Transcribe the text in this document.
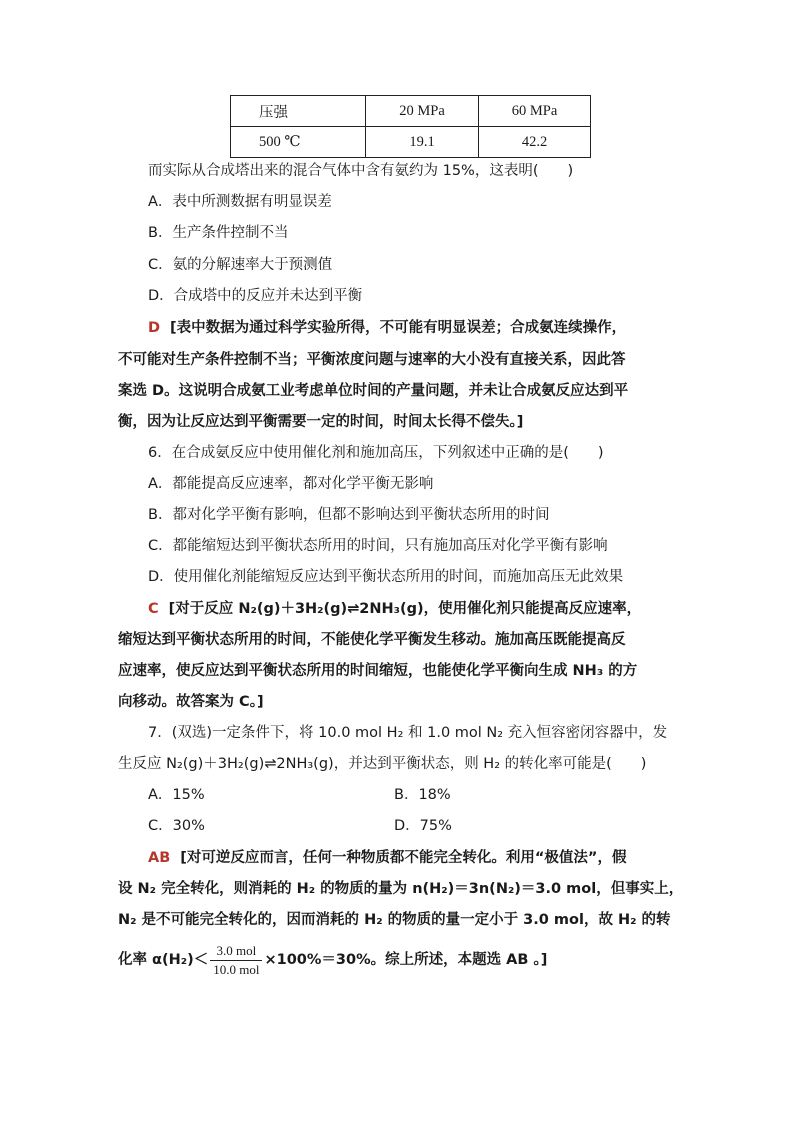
压强	20 MPa	60 MPa
500 ℃	19.1	42.2
而实际从合成塔出来的混合气体中含有氨约为 15%，这表明(　　)
A．表中所测数据有明显误差
B．生产条件控制不当
C．氨的分解速率大于预测值
D．合成塔中的反应并未达到平衡
D [表中数据为通过科学实验所得，不可能有明显误差；合成氨连续操作，
不可能对生产条件控制不当；平衡浓度问题与速率的大小没有直接关系，因此答
案选 D。这说明合成氨工业考虑单位时间的产量问题，并未让合成氨反应达到平
衡，因为让反应达到平衡需要一定的时间，时间太长得不偿失。]
6．在合成氨反应中使用催化剂和施加高压，下列叙述中正确的是(　　)
A．都能提高反应速率，都对化学平衡无影响
B．都对化学平衡有影响，但都不影响达到平衡状态所用的时间
C．都能缩短达到平衡状态所用的时间，只有施加高压对化学平衡有影响
D．使用催化剂能缩短反应达到平衡状态所用的时间，而施加高压无此效果
C [对于反应 N₂(g)＋3H₂(g)⇌2NH₃(g)，使用催化剂只能提高反应速率，
缩短达到平衡状态所用的时间，不能使化学平衡发生移动。施加高压既能提高反
应速率，使反应达到平衡状态所用的时间缩短，也能使化学平衡向生成 NH₃ 的方
向移动。故答案为 C。]
7．(双选)一定条件下，将 10.0 mol H₂ 和 1.0 mol N₂ 充入恒容密闭容器中，发
生反应 N₂(g)＋3H₂(g)⇌2NH₃(g)，并达到平衡状态，则 H₂ 的转化率可能是(　　)
A．15%	B．18%
C．30%	D．75%
AB [对可逆反应而言，任何一种物质都不能完全转化。利用“极值法”，假
设 N₂ 完全转化，则消耗的 H₂ 的物质的量为 n(H₂)＝3n(N₂)＝3.0 mol，但事实上，
N₂ 是不可能完全转化的，因而消耗的 H₂ 的物质的量一定小于 3.0 mol，故 H₂ 的转
化率 $\alpha(H_2)< \frac{\text{3.0 mol}}{\text{10.0 mol}} \times 100\%=30\%$。综上所述，本题选 AB 。]
